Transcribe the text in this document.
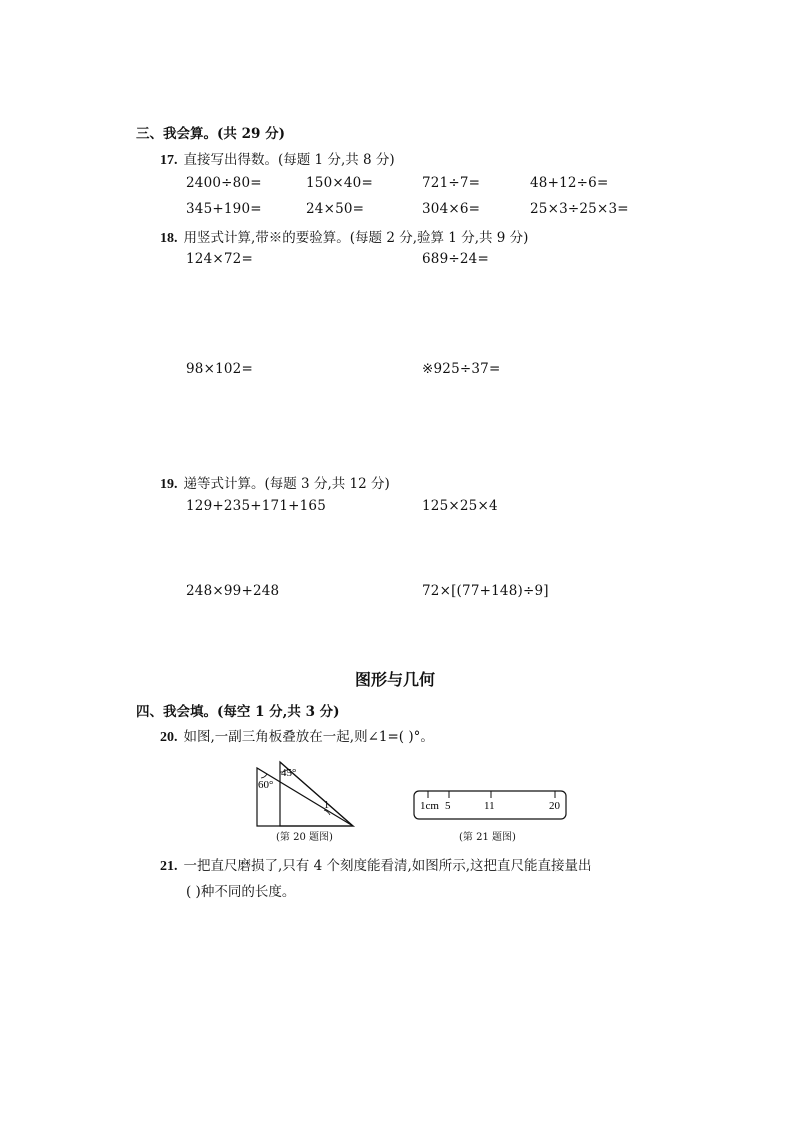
三、我会算。(共 29 分)
17. 直接写出得数。(每题 1 分,共 8 分)
2400÷80=	150×40=	721÷7=	48+12÷6=
345+190=	24×50=	304×6=	25×3÷25×3=
18. 用竖式计算,带※的要验算。(每题 2 分,验算 1 分,共 9 分)
124×72=	689÷24=
98×102=	※925÷37=
19. 递等式计算。(每题 3 分,共 12 分)
129+235+171+165	125×25×4
248×99+248	72×[(77+148)÷9]
图形与几何
四、我会填。(每空 1 分,共 3 分)
20. 如图,一副三角板叠放在一起,则∠1=( )°。
60°
45°
1
(第 20 题图)
1cm 5	11	20
(第 21 题图)
21. 一把直尺磨损了,只有 4 个刻度能看清,如图所示,这把直尺能直接量出
( )种不同的长度。
